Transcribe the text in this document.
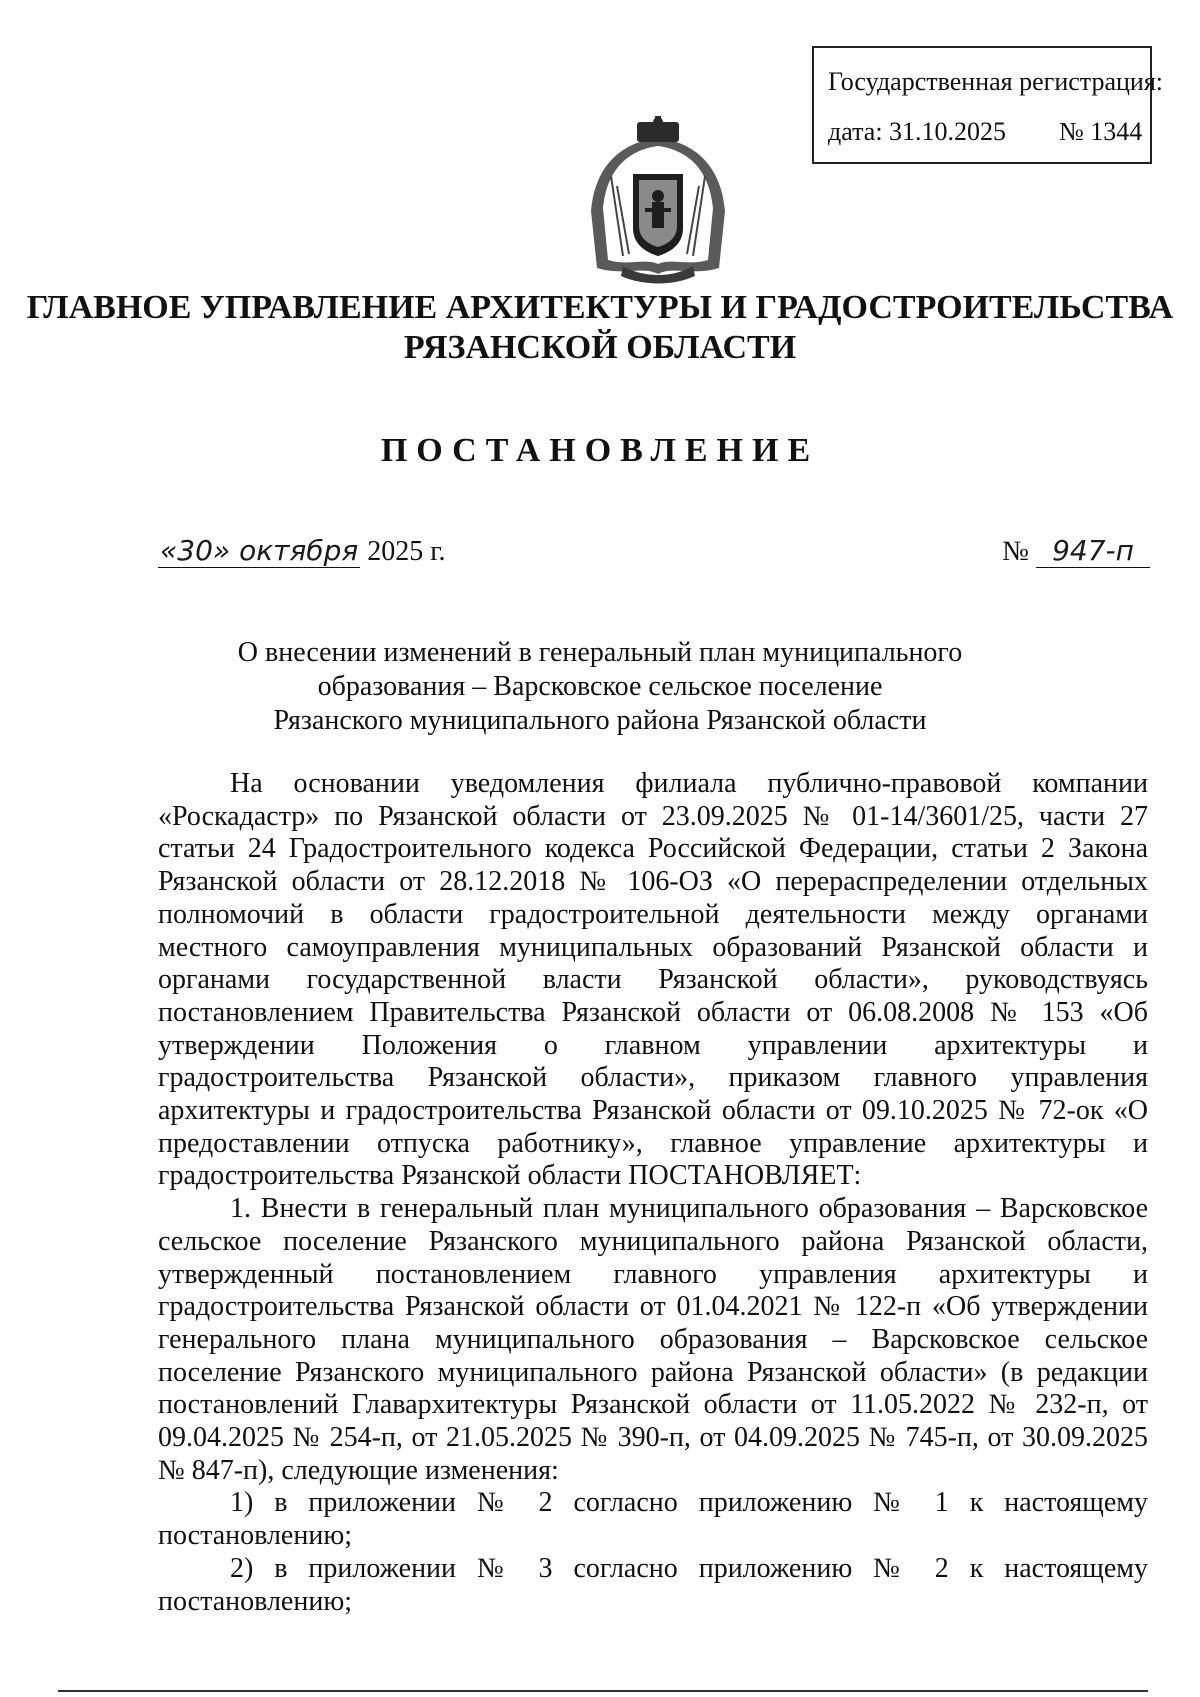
Государственная регистрация:
дата: 31.10.2025 № 1344
ГЛАВНОЕ УПРАВЛЕНИЕ АРХИТЕКТУРЫ И ГРАДОСТРОИТЕЛЬСТВА
РЯЗАНСКОЙ ОБЛАСТИ
ПОСТАНОВЛЕНИЕ
«30» октября 2025 г.	№ 947-п
О внесении изменений в генеральный план муниципального
образования – Варсковское сельское поселение
Рязанского муниципального района Рязанской области

На основании уведомления филиала публично-правовой компании «Роскадастр» по Рязанской области от 23.09.2025 № 01-14/3601/25, части 27 статьи 24 Градостроительного кодекса Российской Федерации, статьи 2 Закона Рязанской области от 28.12.2018 № 106-ОЗ «О перераспределении отдельных полномочий в области градостроительной деятельности между органами местного самоуправления муниципальных образований Рязанской области и органами государственной власти Рязанской области», руководствуясь постановлением Правительства Рязанской области от 06.08.2008 № 153 «Об утверждении Положения о главном управлении архитектуры и градостроительства Рязанской области», приказом главного управления архитектуры и градостроительства Рязанской области от 09.10.2025 № 72-ок «О предоставлении отпуска работнику», главное управление архитектуры и градостроительства Рязанской области ПОСТАНОВЛЯЕТ:

1. Внести в генеральный план муниципального образования – Варсковское сельское поселение Рязанского муниципального района Рязанской области, утвержденный постановлением главного управления архитектуры и градостроительства Рязанской области от 01.04.2021 № 122-п «Об утверждении генерального плана муниципального образования – Варсковское сельское поселение Рязанского муниципального района Рязанской области» (в редакции постановлений Главархитектуры Рязанской области от 11.05.2022 № 232-п, от 09.04.2025 № 254-п, от 21.05.2025 № 390-п, от 04.09.2025 № 745-п, от 30.09.2025 № 847-п), следующие изменения:

1) в приложении № 2 согласно приложению № 1 к настоящему постановлению;

2) в приложении № 3 согласно приложению № 2 к настоящему постановлению;
